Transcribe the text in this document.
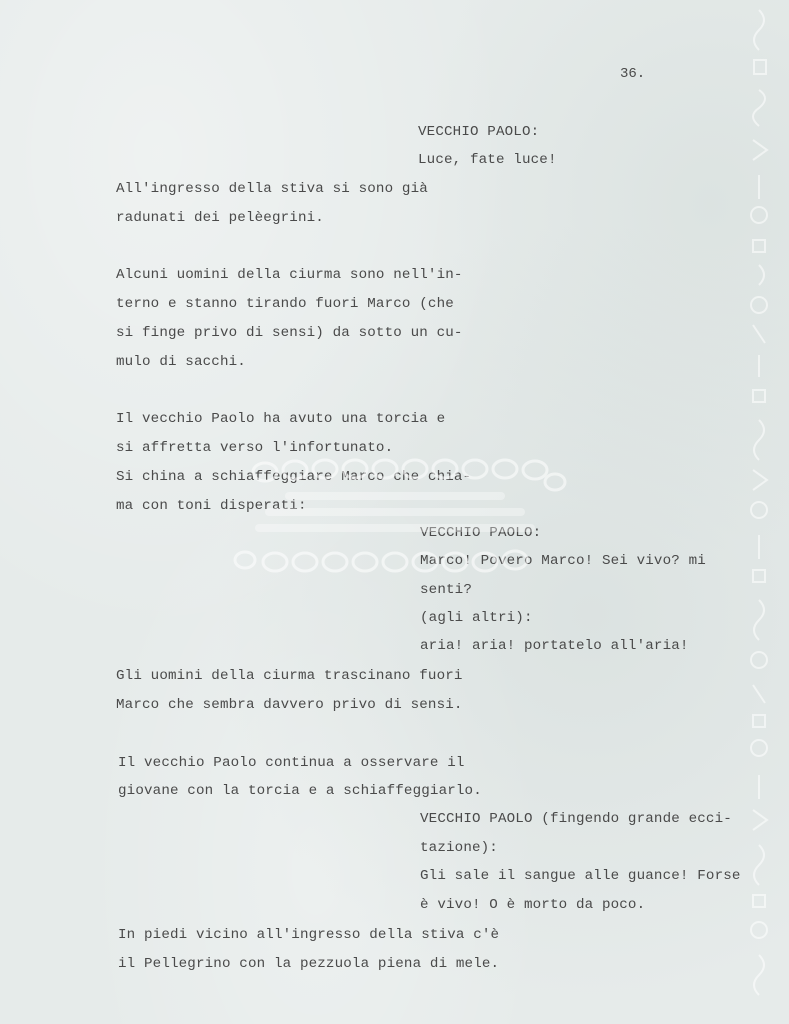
36.
VECCHIO PAOLO:
Luce, fate luce!
All'ingresso della stiva si sono già
radunati dei pelèegrini.
Alcuni uomini della ciurma sono nell'in-
terno e stanno tirando fuori Marco (che
si finge privo di sensi) da sotto un cu-
mulo di sacchi.
Il vecchio Paolo ha avuto una torcia e
si affretta verso l'infortunato.
Si china a schiaffeggiare Marco che chia-
ma con toni disperati:
VECCHIO PAOLO:
Marco! Povero Marco! Sei vivo? mi
senti?
(agli altri):
aria! aria! portatelo all'aria!
Gli uomini della ciurma trascinano fuori
Marco che sembra davvero privo di sensi.
Il vecchio Paolo continua a osservare il
giovane con la torcia e a schiaffeggiarlo.
VECCHIO PAOLO (fingendo grande ecci-
tazione):
Gli sale il sangue alle guance! Forse
è vivo! O è morto da poco.
In piedi vicino all'ingresso della stiva c'è
il Pellegrino con la pezzuola piena di mele.
